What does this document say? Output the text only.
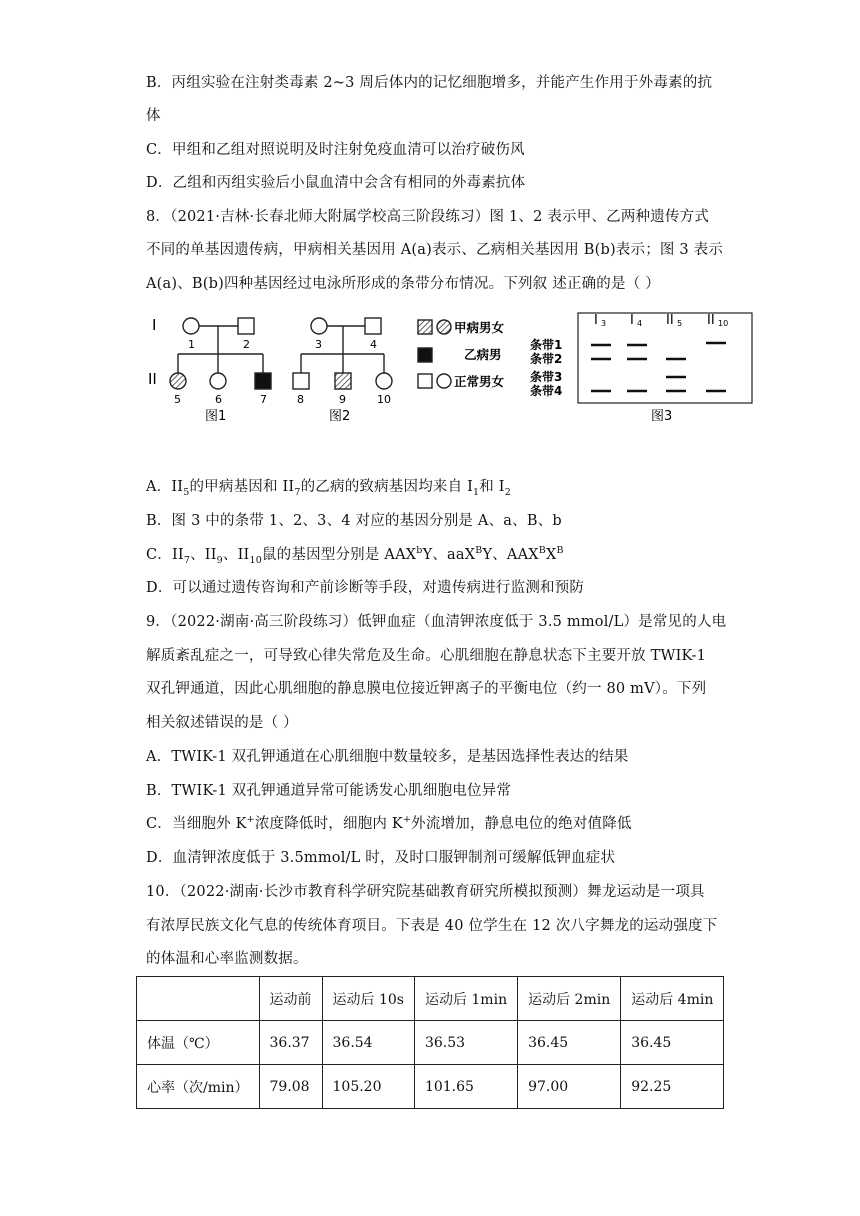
B．丙组实验在注射类毒素 2~3 周后体内的记忆细胞增多，并能产生作用于外毒素的抗
体
C．甲组和乙组对照说明及时注射免疫血清可以治疗破伤风
D．乙组和丙组实验后小鼠血清中会含有相同的外毒素抗体
8．（2021·吉林·长春北师大附属学校高三阶段练习）图 1、2 表示甲、乙两种遗传方式
不同的单基因遗传病，甲病相关基因用 A(a)表示、乙病相关基因用 B(b)表示；图 3 表示
A(a)、B(b)四种基因经过电泳所形成的条带分布情况。下列叙 述正确的是（ ）
I
II
1	2
5	6	7
图1
3	4
8	9	10
图2
甲病男女
乙病男
正常男女
I 3 I 4 II 5 II 10
条带1
条带2
条带3
条带4
图3
A．$II_5$的甲病基因和 $II_7$的乙病的致病基因均来自 $I_1$和 $I_2$
B．图 3 中的条带 1、2、3、4 对应的基因分别是 A、a、B、b
C．$II_7$、$II_9$、$II_{10}$鼠的基因型分别是 AAX$^b$Y、aaX$^B$Y、$AAX^BX^B$
D．可以通过遗传咨询和产前诊断等手段，对遗传病进行监测和预防
9．（2022·湖南·高三阶段练习）低钾血症（血清钾浓度低于 3.5 mmol/L）是常见的人电
解质紊乱症之一，可导致心律失常危及生命。心肌细胞在静息状态下主要开放 TWIK-1
双孔钾通道，因此心肌细胞的静息膜电位接近钾离子的平衡电位（约一 80 mV）。下列
相关叙述错误的是（ ）
A．TWIK-1 双孔钾通道在心肌细胞中数量较多，是基因选择性表达的结果
B．TWIK-1 双孔钾通道异常可能诱发心肌细胞电位异常
C．当细胞外 K+浓度降低时，细胞内 K+外流增加，静息电位的绝对值降低
D．血清钾浓度低于 3.5mmol/L 时，及时口服钾制剂可缓解低钾血症状
10．（2022·湖南·长沙市教育科学研究院基础教育研究所模拟预测）舞龙运动是一项具
有浓厚民族文化气息的传统体育项目。下表是 40 位学生在 12 次八字舞龙的运动强度下
的体温和心率监测数据。
	运动前	运动后 10s	运动后 1min	运动后 2min	运动后 4min
体温（℃）	36.37	36.54	36.53	36.45	36.45
心率（次/min）	79.08	105.20	101.65	97.00	92.25
